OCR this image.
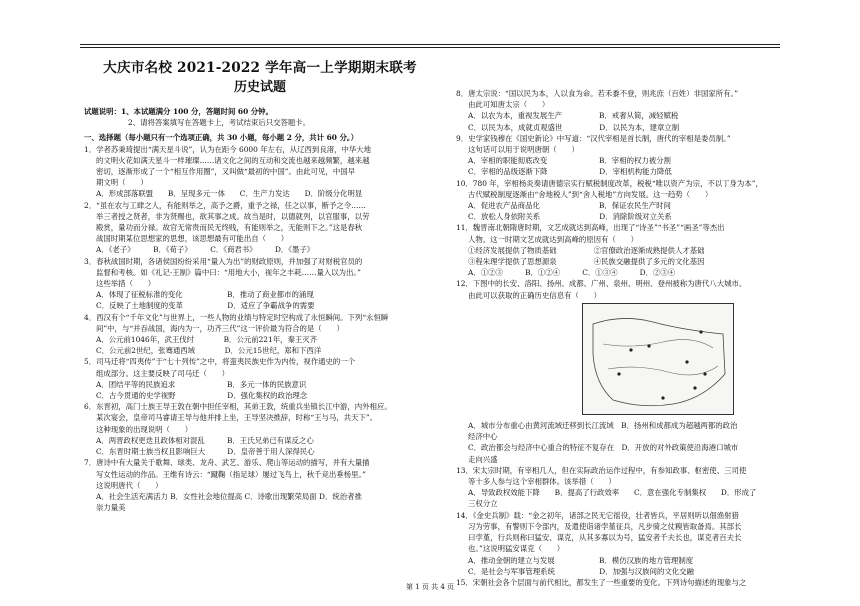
大庆市名校 2021-2022 学年高一上学期期末联考
历史试题

试题说明：1、本试题满分 100 分，答题时间 60 分钟。

2、请将答案填写在答题卡上，考试结束后只交答题卡。

一、选择题（每小题只有一个选项正确，共 30 小题，每小题 2 分，共计 60 分。）

1．学者苏秉琦提出“满天星斗说”，认为在距今 6000 年左右，从辽西到良渚，中华大地

的文明火花如满天星斗一样璀璨……诸文化之间的互动和交流也越来越频繁，越来越

密切，逐渐形成了一个“相互作用圈”，又叫做“最初的中国”。由此可见，中国早

期文明（　　）

A．形成部落联盟　　B．呈现多元一体　　C．生产力发达　　D．阶级分化明显

2．“虽在农与工肆之人，有能则举之，高予之爵，重予之禄，任之以事，断予之令……

举三者授之贤者，非为贤赐也，欲其事之成。故当是时，以德就列，以官服事，以劳

殿赏，量功而分禄。故官无常贵而民无终贱，有能则举之，无能则下之。”这是春秋

战国时期某位思想家的思想，该思想最有可能出自（　　）

A．《老子》　　　B．《荀子》　　　C．《商君书》　　　D．《墨子》

3．春秋战国时期，各诸侯国纷纷采用“量入为出”的财政原则，并加强了对财税官员的

监督和考核。如《礼记·王制》篇中曰：“用地大小，视年之丰耗……量入以为出。”

这些举措（　　）

A．体现了征税标准的变化　　　　　　B．推动了商业都市的涌现

C．反映了土地制度的变革　　　　　　D．适应了争霸战争的需要

4．西汉有个“千年文化”与世界上，一些人物的业绩与特定时空构成了永恒瞬间。下列“永恒瞬

间”中，与“并吞战国，海内为一，功齐三代”这一评价最为符合的是（　　）

A．公元前1046年，武王伐纣　　　　B．公元前221年，秦王灭齐

C．公元前2世纪，张骞通西域　　　　D．公元15世纪，郑和下西洋

5．司马迁将“四夷传”于“七十列传”之中，将蛮夷民族史作为内传，视作通史的一个

组成部分。这主要反映了司马迁（　　）

A．团结平等的民族追求　　　　　　　B．多元一体的民族意识

C．古今贯通的史学视野　　　　　　　D．强化集权的政治理念

6．东晋初，高门士族王导王敦在朝中担任宰相，其弟王敦，统重兵坐镇长江中游，内外相应。

某次宴会，皇帝司马睿请王导与他并排上坐，王导坚决推辞，时称“王与马，共天下”。

这种现象的出现说明（　　）

A．两晋政权更迭且政体相对混乱　　　B．王氏兄弟已有谋反之心

C．东晋时期士族当权且影响巨大　　　D．皇帝善于用人深得民心

7．唐诗中有大量关于歌舞、球类、龙舟、武艺、游乐、爬山等运动的描写，并有大量描

写女性运动的作品。王维有诗云：“蹴鞠（指足球）屡过飞鸟上，秋千竞出垂杨里。”

这说明唐代（　　）

A．社会生活充满活力 B．女性社会地位提高 C．诗歌出现繁荣局面 D．统治者推

崇力量美

8．唐太宗说：“国以民为本，人以食为命。若禾黍不登，则兆庶（百姓）非国家所有。”

由此可知唐太宗（　　）

A．以农为本，重视发展生产　　　　　B．戒奢从简，减轻赋税

C．以民为本，成就贞观盛世　　　　　D．以民为本，建章立制

9．史学家钱穆在《国史新论》中写道：“汉代宰相是首长制，唐代的宰相是委员制。”

这句话可以用于说明唐朝（　　）

A．宰相的职能彻底改变　　　　　　　B．宰相的权力被分割

C．宰相的品级逐渐下降　　　　　　　D．宰相机构能力降低

10．780 年，宰相杨炎奏请唐德宗实行赋税制度改革，税税“唯以资产为宗，不以丁身为本”，

古代赋税制度逐渐由“舍地税人”到“舍人税地”方向发展。这一趋势（　　）

A．促进农产品商品化　　　　　　　　B．保证农民生产时间

C．放松人身依附关系　　　　　　　　D．消除阶级对立关系

11．魏晋南北朝隋唐时期，文艺成就达到高峰，出现了“诗圣”“书圣”“画圣”等杰出

人物。这一时期文艺成就达到高峰的原因有（　　）

①经济发展提供了物质基础　　　　　②官僚政治逐渐成熟提供人才基础

③程朱理学提供了思想源泉　　　　　④民族交融提供了多元的文化基因

A．①②③　　　B．①②④　　　C．①③④　　　D．②③④

12．下图中的长安、洛阳、扬州、成都、广州、泉州、明州、登州被称为唐代八大城市。

由此可以获取的正确历史信息有（　　）

A．城市分布重心由黄河流域迁移到长江流域　B．扬州和成都成为超越两都的政治

经济中心

C．政治都会与经济中心重合的特征不复存在　D．开放的对外政策使沿海港口城市

走向兴盛

13．宋太宗时期，有宰相几人，但在实际政治运作过程中，有参知政事、枢密使、三司使

等十多人参与这个宰相群体。该举措（　　）

A．导致政权效能下降　　B．提高了行政效率　　C．意在强化专制集权　　D．形成了

三权分立

14．《金史兵制》载：“金之初年，诸部之民无它徭役，壮者皆兵，平居则听以佃渔射猎

习为劳事，有警则下令部内，及遣使诣诸孛堇征兵，凡步骑之仗糗皆取备焉。其部长

曰孛堇，行兵则称曰猛安、谋克，从其多寡以为号，猛安者千夫长也，谋克者百夫长

也。”这说明猛安谋克（　　）

A．推动金朝的建立与发展　　　　　　B．模仿汉族的地方管理制度

C．是社会与军事管理系统　　　　　　D．加强与汉族间的文化交融

15．宋朝社会各个层面与前代相比，都发生了一些重要的变化。下列诗句描述的现象与之

第 1 页 共 4 页
